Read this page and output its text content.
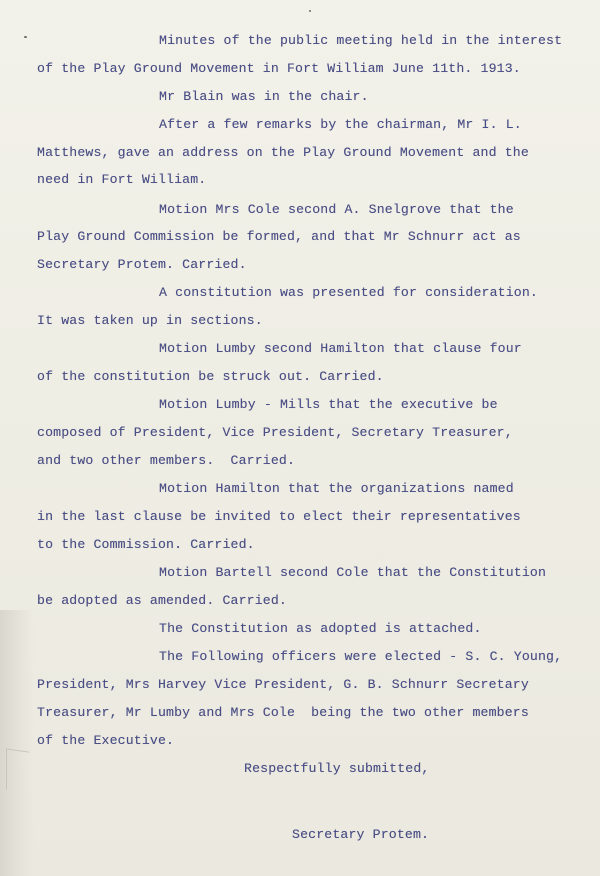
Minutes of the public meeting held in the interest

of the Play Ground Movement in Fort William June 11th. 1913.

Mr Blain was in the chair.

After a few remarks by the chairman, Mr I. L.

Matthews, gave an address on the Play Ground Movement and the

need in Fort William.

Motion Mrs Cole second A. Snelgrove that the

Play Ground Commission be formed, and that Mr Schnurr act as

Secretary Protem. Carried.

A constitution was presented for consideration.

It was taken up in sections.

Motion Lumby second Hamilton that clause four

of the constitution be struck out. Carried.

Motion Lumby - Mills that the executive be

composed of President, Vice President, Secretary Treasurer,

and two other members.  Carried.

Motion Hamilton that the organizations named

in the last clause be invited to elect their representatives

to the Commission. Carried.

Motion Bartell second Cole that the Constitution

be adopted as amended. Carried.

The Constitution as adopted is attached.

The Following officers were elected - S. C. Young,

President, Mrs Harvey Vice President, G. B. Schnurr Secretary

Treasurer, Mr Lumby and Mrs Cole  being the two other members

of the Executive.

Respectfully submitted,

Secretary Protem.
